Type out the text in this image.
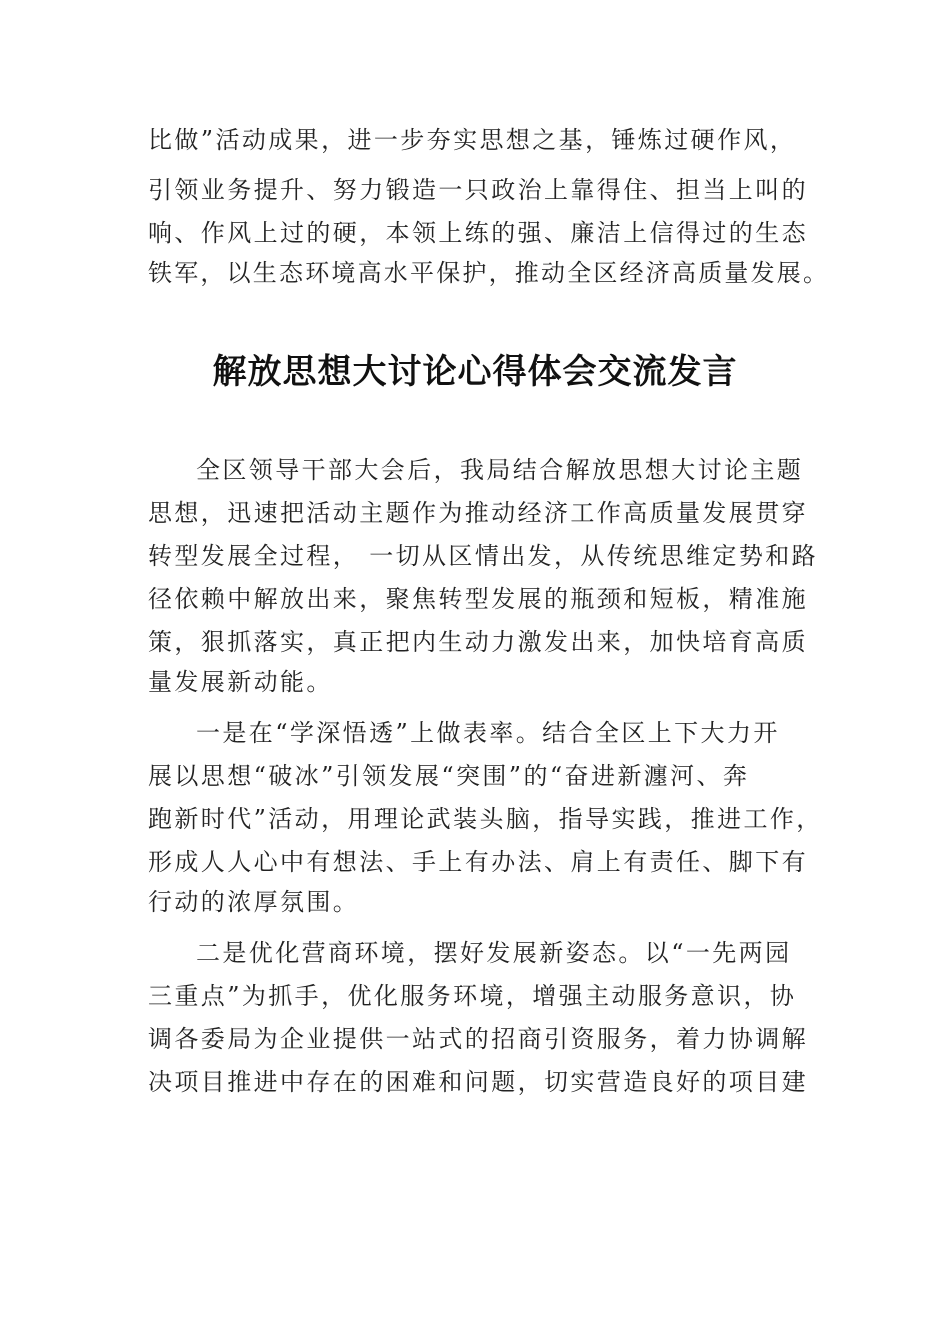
比做”活动成果，进一步夯实思想之基，锤炼过硬作风，
引领业务提升、努力锻造一只政治上靠得住、担当上叫的
响、作风上过的硬，本领上练的强、廉洁上信得过的生态
铁军，以生态环境高水平保护，推动全区经济高质量发展。
解放思想大讨论心得体会交流发言
全区领导干部大会后，我局结合解放思想大讨论主题
思想，迅速把活动主题作为推动经济工作高质量发展贯穿
转型发展全过程， 一切从区情出发，从传统思维定势和路
径依赖中解放出来，聚焦转型发展的瓶颈和短板，精准施
策，狠抓落实，真正把内生动力激发出来，加快培育高质
量发展新动能。
一是在“学深悟透”上做表率。结合全区上下大力开
展以思想“破冰”引领发展“突围”的“奋进新瀍河、奔
跑新时代”活动，用理论武装头脑，指导实践，推进工作，
形成人人心中有想法、手上有办法、肩上有责任、脚下有
行动的浓厚氛围。
二是优化营商环境，摆好发展新姿态。以“一先两园
三重点”为抓手，优化服务环境，增强主动服务意识，协
调各委局为企业提供一站式的招商引资服务，着力协调解
决项目推进中存在的困难和问题，切实营造良好的项目建
